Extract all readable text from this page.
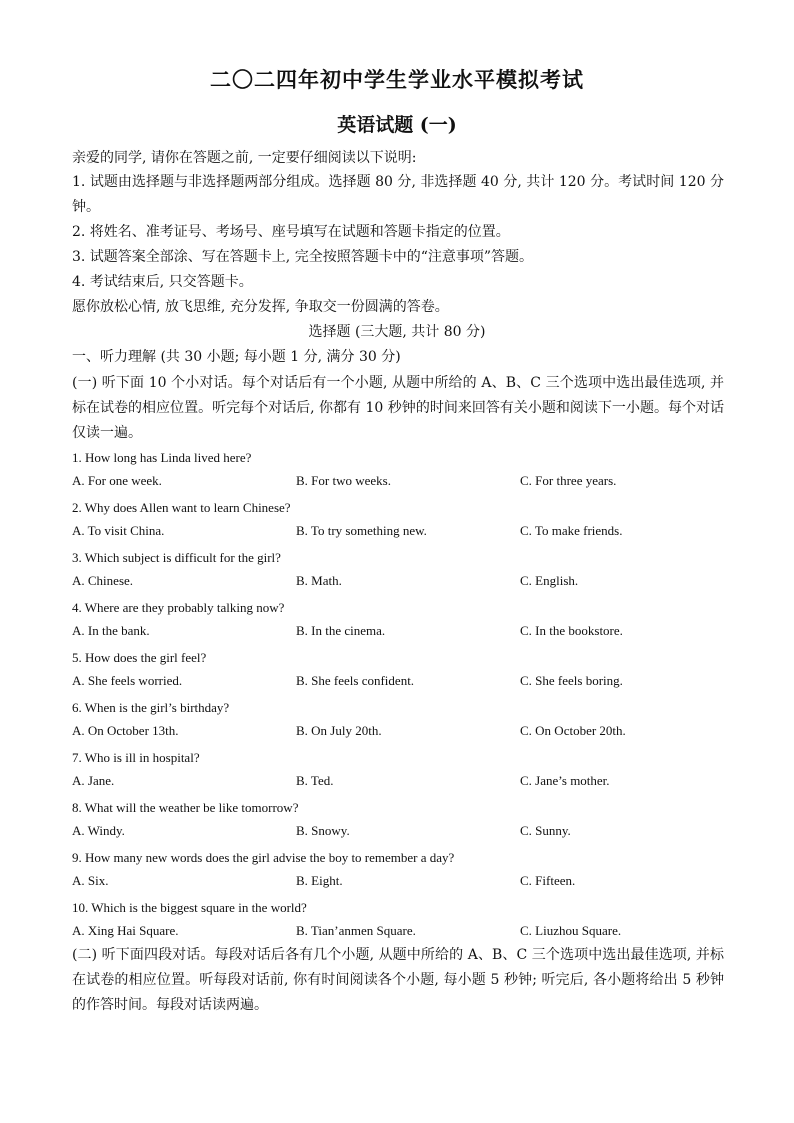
二〇二四年初中学生学业水平模拟考试
英语试题 (一)
亲爱的同学, 请你在答题之前, 一定要仔细阅读以下说明:
1. 试题由选择题与非选择题两部分组成。选择题 80 分, 非选择题 40 分, 共计 120 分。考试时间 120 分钟。
2. 将姓名、准考证号、考场号、座号填写在试题和答题卡指定的位置。
3. 试题答案全部涂、写在答题卡上, 完全按照答题卡中的“注意事项”答题。
4. 考试结束后, 只交答题卡。
愿你放松心情, 放飞思维, 充分发挥, 争取交一份圆满的答卷。
选择题 (三大题, 共计 80 分)
一、听力理解 (共 30 小题; 每小题 1 分, 满分 30 分)
(一) 听下面 10 个小对话。每个对话后有一个小题, 从题中所给的 A、B、C 三个选项中选出最佳选项, 并标在试卷的相应位置。听完每个对话后, 你都有 10 秒钟的时间来回答有关小题和阅读下一小题。每个对话仅读一遍。
1. How long has Linda lived here?
A. For one week.	B. For two weeks.	C. For three years.
2. Why does Allen want to learn Chinese?
A. To visit China.	B. To try something new.	C. To make friends.
3. Which subject is difficult for the girl?
A. Chinese.	B. Math.	C. English.
4. Where are they probably talking now?
A. In the bank.	B. In the cinema.	C. In the bookstore.
5. How does the girl feel?
A. She feels worried.	B. She feels confident.	C. She feels boring.
6. When is the girl’s birthday?
A. On October 13th.	B. On July 20th.	C. On October 20th.
7. Who is ill in hospital?
A. Jane.	B. Ted.	C. Jane’s mother.
8. What will the weather be like tomorrow?
A. Windy.	B. Snowy.	C. Sunny.
9. How many new words does the girl advise the boy to remember a day?
A. Six.	B. Eight.	C. Fifteen.
10. Which is the biggest square in the world?
A. Xing Hai Square.	B. Tian’anmen Square.	C. Liuzhou Square.
(二) 听下面四段对话。每段对话后各有几个小题, 从题中所给的 A、B、C 三个选项中选出最佳选项, 并标在试卷的相应位置。听每段对话前, 你有时间阅读各个小题, 每小题 5 秒钟; 听完后, 各小题将给出 5 秒钟的作答时间。每段对话读两遍。
